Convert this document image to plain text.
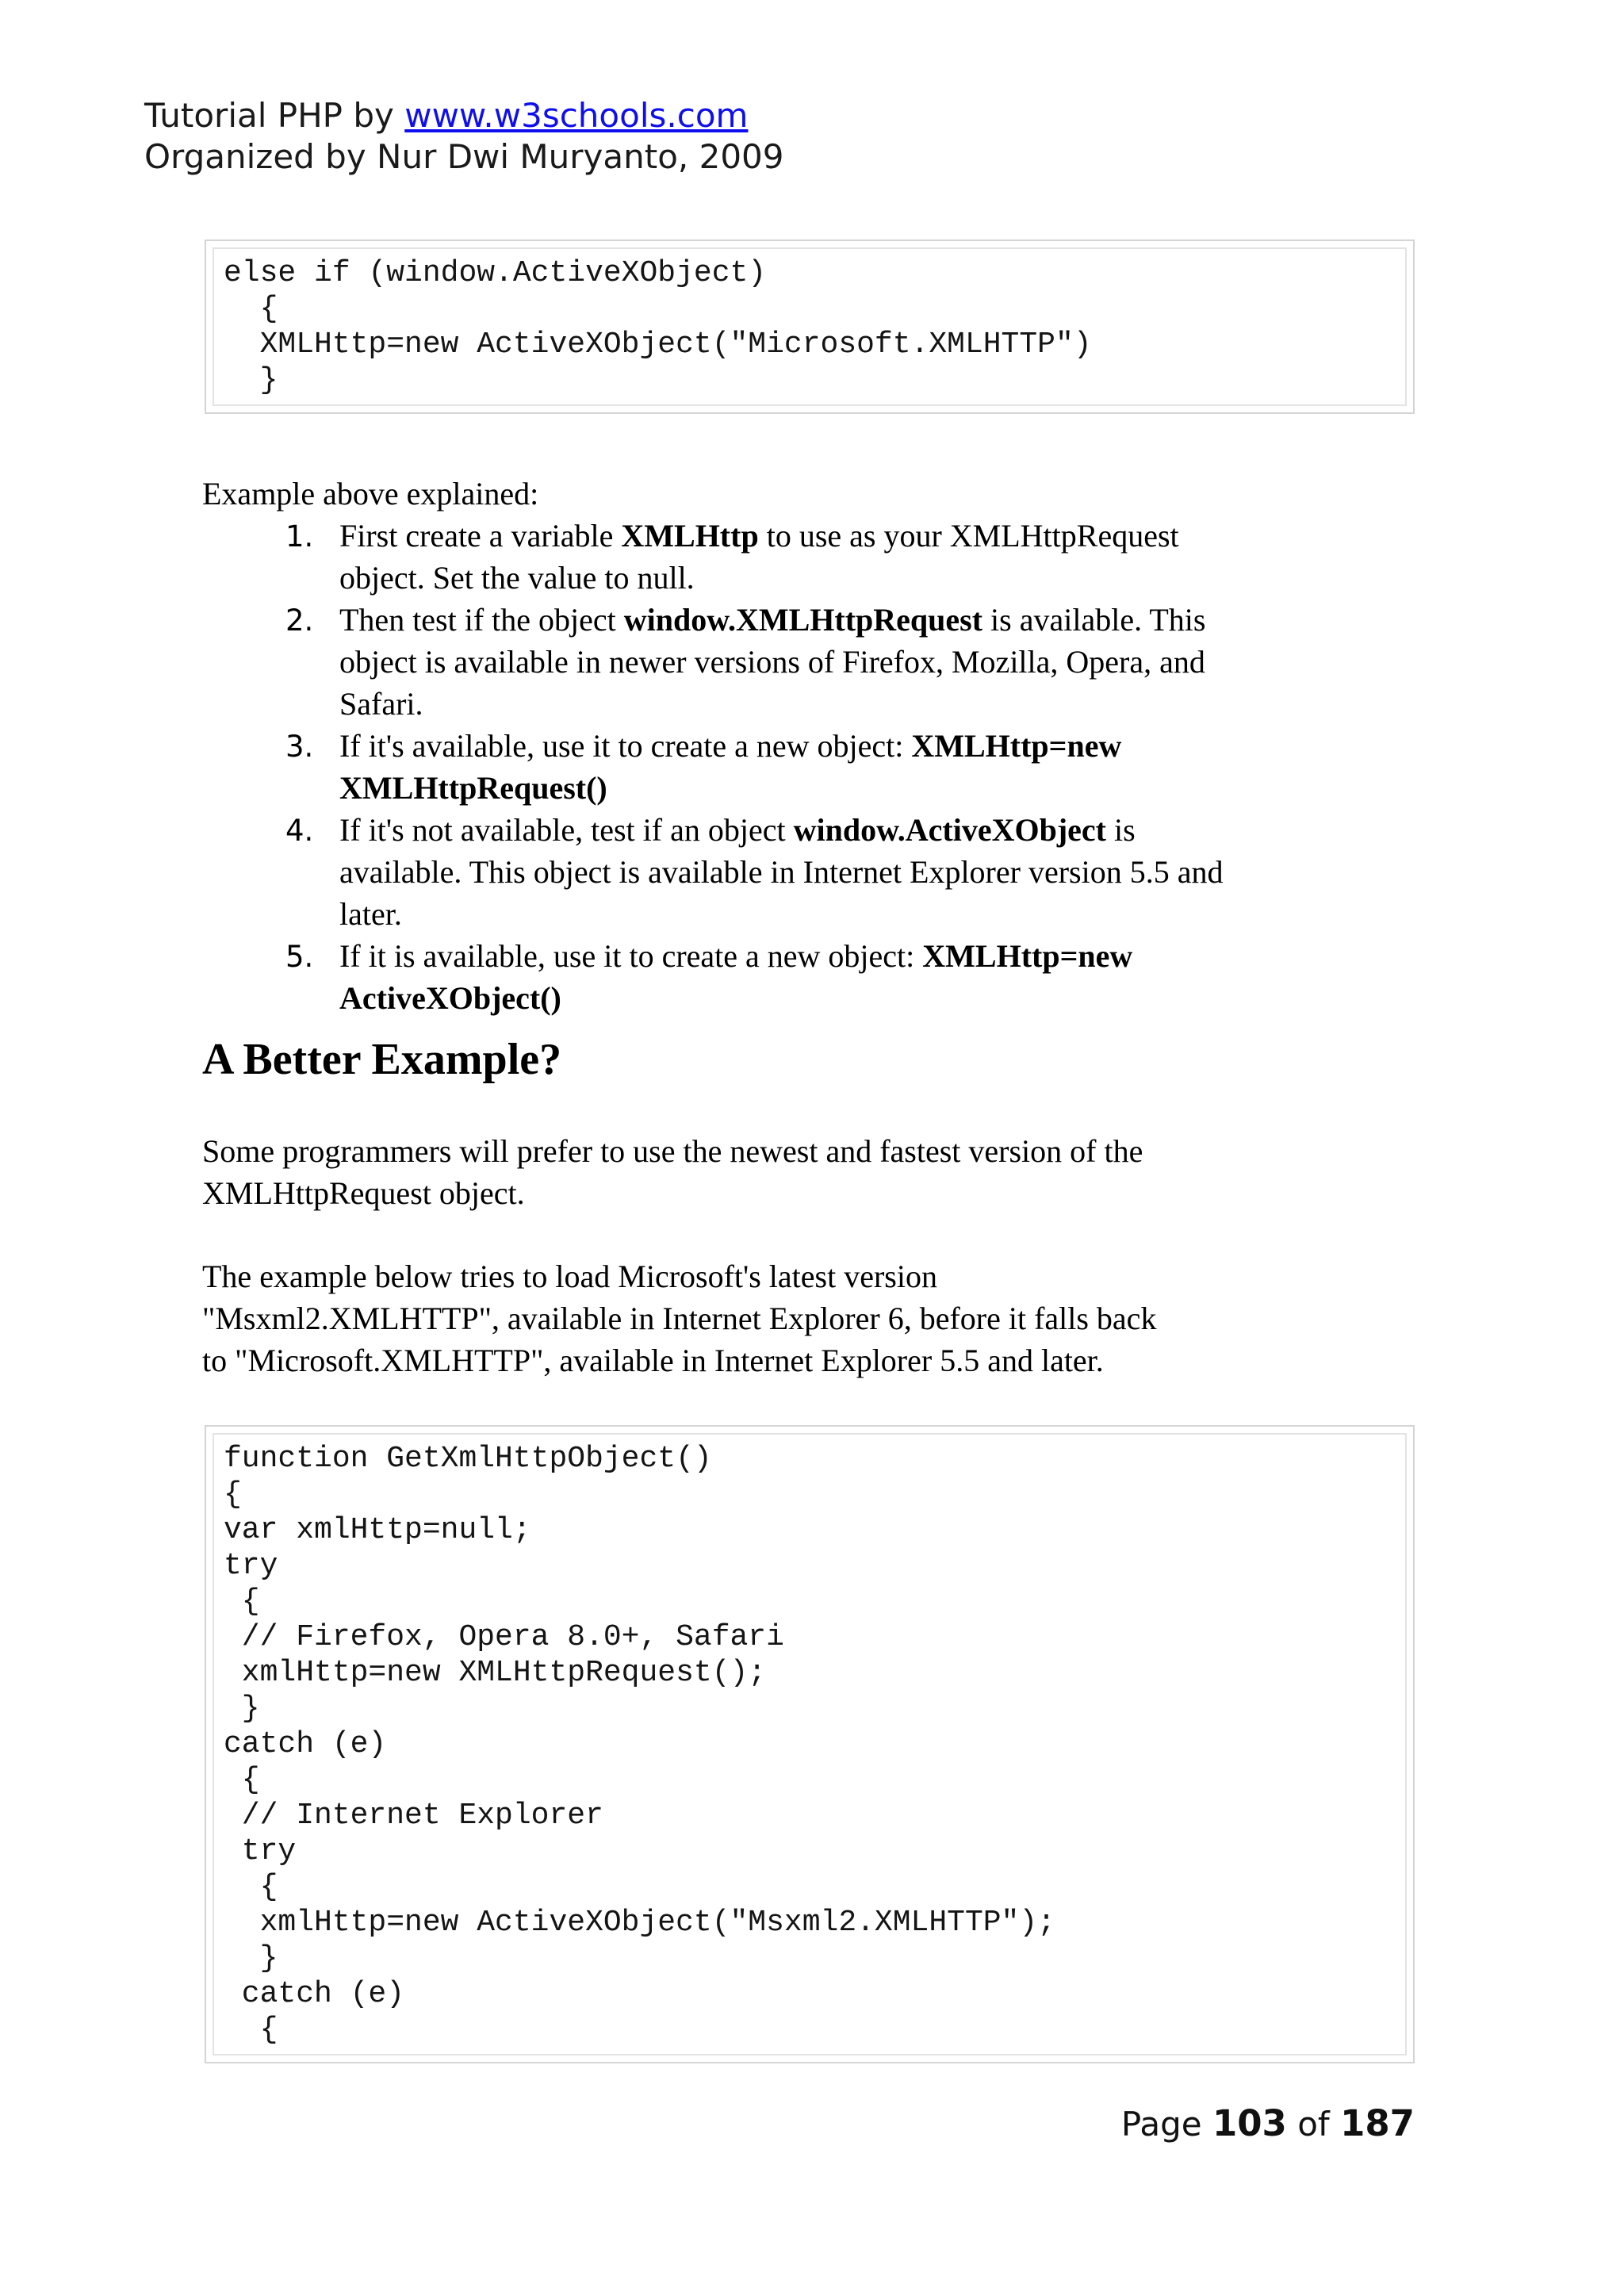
Tutorial PHP by www.w3schools.com
Organized by Nur Dwi Muryanto, 2009
else if (window.ActiveXObject)
{
XMLHttp=new ActiveXObject("Microsoft.XMLHTTP")
}

Example above explained:

1. First create a variable XMLHttp to use as your XMLHttpRequest
object. Set the value to null.
2. Then test if the object window.XMLHttpRequest is available. This
object is available in newer versions of Firefox, Mozilla, Opera, and
Safari.
3. If it's available, use it to create a new object: XMLHttp=new
XMLHttpRequest()
4. If it's not available, test if an object window.ActiveXObject is
available. This object is available in Internet Explorer version 5.5 and
later.
5. If it is available, use it to create a new object: XMLHttp=new
ActiveXObject()
A Better Example?

Some programmers will prefer to use the newest and fastest version of the
XMLHttpRequest object.

The example below tries to load Microsoft's latest version
"Msxml2.XMLHTTP", available in Internet Explorer 6, before it falls back
to "Microsoft.XMLHTTP", available in Internet Explorer 5.5 and later.

function GetXmlHttpObject()
{
var xmlHttp=null;
try
{
// Firefox, Opera 8.0+, Safari
xmlHttp=new XMLHttpRequest();
}
catch (e)
{
// Internet Explorer
try
{
xmlHttp=new ActiveXObject("Msxml2.XMLHTTP");
}
catch (e)
{
Page 103 of 187
